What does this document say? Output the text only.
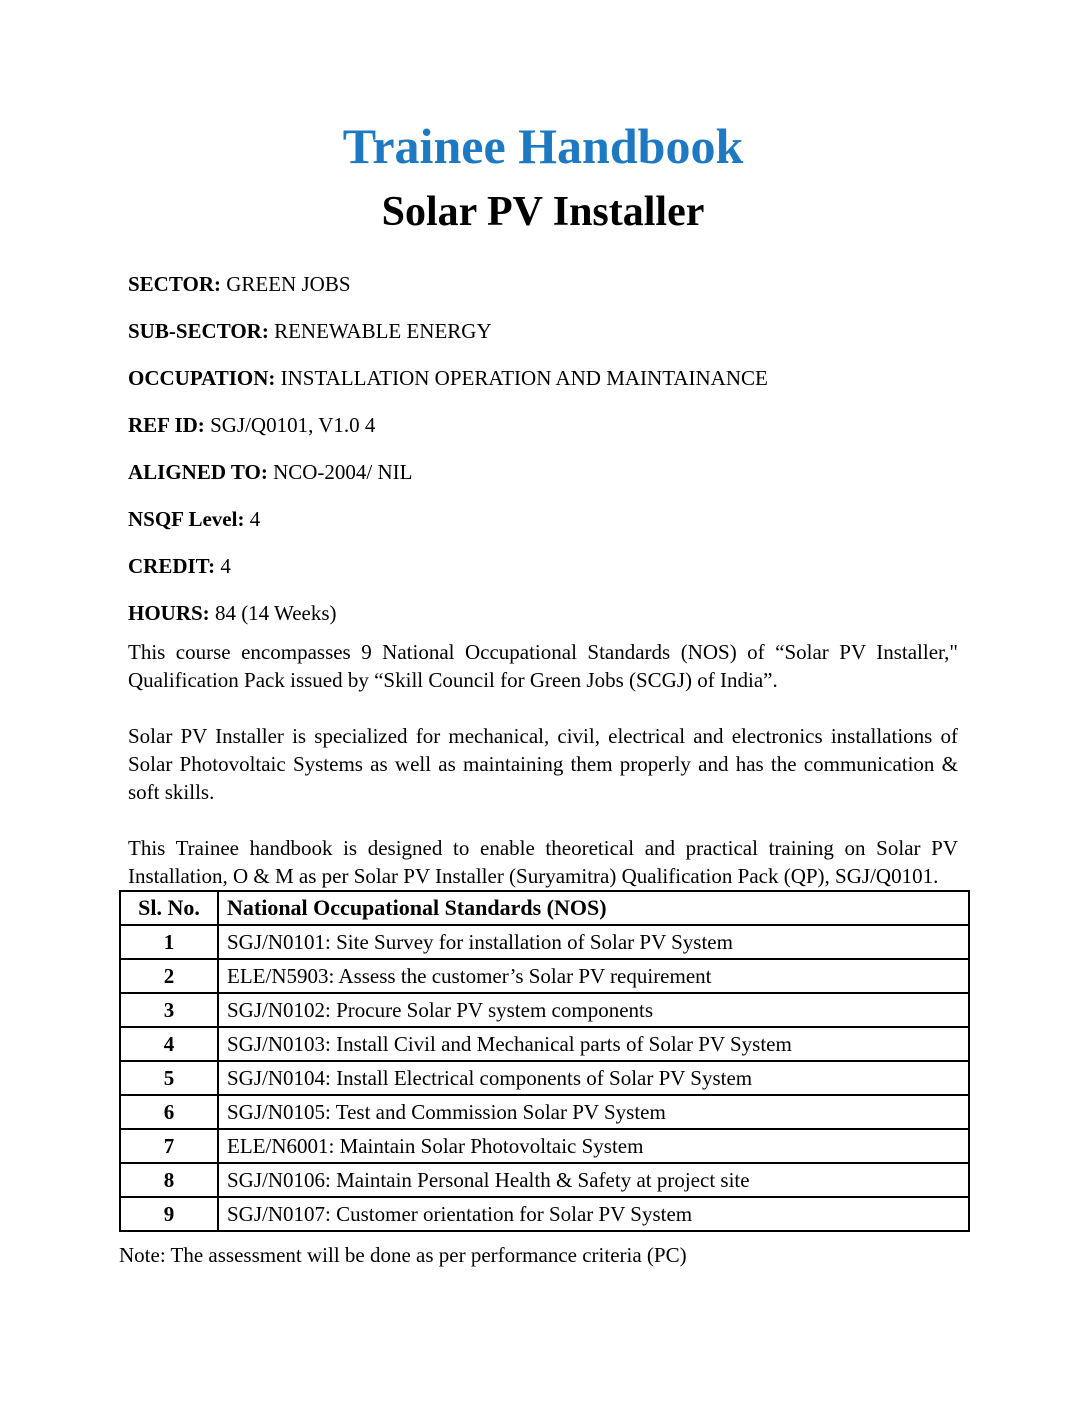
Trainee Handbook
Solar PV Installer

SECTOR: GREEN JOBS

SUB-SECTOR: RENEWABLE ENERGY

OCCUPATION: INSTALLATION OPERATION AND MAINTAINANCE

REF ID: SGJ/Q0101, V1.0 4

ALIGNED TO: NCO-2004/ NIL

NSQF Level: 4

CREDIT: 4

HOURS: 84 (14 Weeks)

This course encompasses 9 National Occupational Standards (NOS) of “Solar PV Installer," Qualification Pack issued by “Skill Council for Green Jobs (SCGJ) of India”.

Solar PV Installer is specialized for mechanical, civil, electrical and electronics installations of Solar Photovoltaic Systems as well as maintaining them properly and has the communication & soft skills.

This Trainee handbook is designed to enable theoretical and practical training on Solar PV Installation, O & M as per Solar PV Installer (Suryamitra) Qualification Pack (QP), SGJ/Q0101.

Sl. No.	National Occupational Standards (NOS)
1	SGJ/N0101: Site Survey for installation of Solar PV System
2	ELE/N5903: Assess the customer’s Solar PV requirement
3	SGJ/N0102: Procure Solar PV system components
4	SGJ/N0103: Install Civil and Mechanical parts of Solar PV System
5	SGJ/N0104: Install Electrical components of Solar PV System
6	SGJ/N0105: Test and Commission Solar PV System
7	ELE/N6001: Maintain Solar Photovoltaic System
8	SGJ/N0106: Maintain Personal Health & Safety at project site
9	SGJ/N0107: Customer orientation for Solar PV System

Note: The assessment will be done as per performance criteria (PC)
